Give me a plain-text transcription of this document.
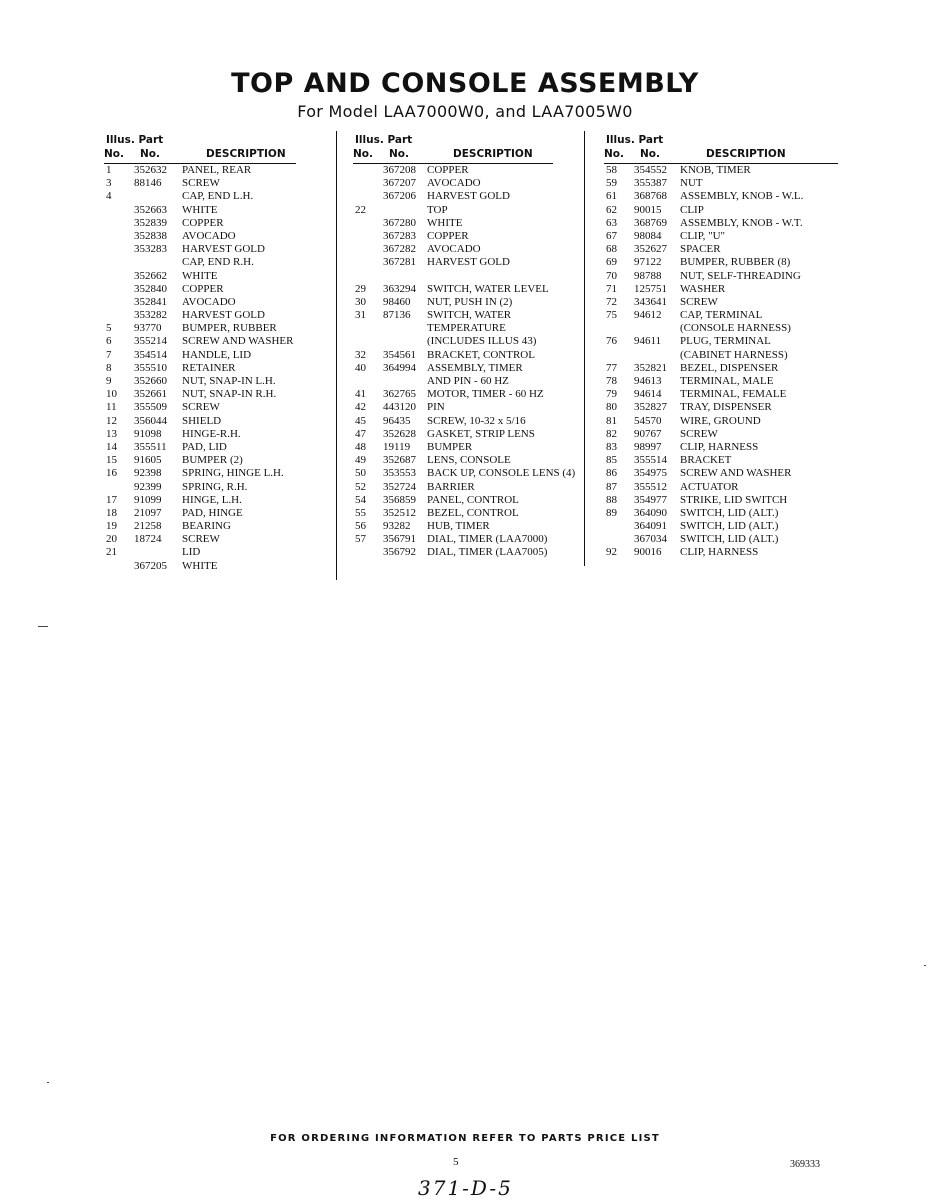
TOP AND CONSOLE ASSEMBLY
For Model LAA7000W0, and LAA7005W0
Illus. Part
No. No.	DESCRIPTION
1 352632 PANEL, REAR
3 88146 SCREW
4	CAP, END L.H.
352663 WHITE
352839 COPPER
352838 AVOCADO
353283 HARVEST GOLD
CAP, END R.H.
352662 WHITE
352840 COPPER
352841 AVOCADO
353282 HARVEST GOLD
5 93770 BUMPER, RUBBER
6 355214 SCREW AND WASHER
7 354514 HANDLE, LID
8 355510 RETAINER
9 352660 NUT, SNAP-IN L.H.
10 352661 NUT, SNAP-IN R.H.
11 355509 SCREW
12 356044 SHIELD
13 91098 HINGE-R.H.
14 355511 PAD, LID
15 91605 BUMPER (2)
16 92398 SPRING, HINGE L.H.
92399 SPRING, R.H.
17 91099 HINGE, L.H.
18 21097 PAD, HINGE
19 21258 BEARING
20 18724 SCREW
21	LID
367205 WHITE
Illus. Part
No. No.	DESCRIPTION
367208 COPPER
367207 AVOCADO
367206 HARVEST GOLD
22	TOP
367280 WHITE
367283 COPPER
367282 AVOCADO
367281 HARVEST GOLD
29 363294 SWITCH, WATER LEVEL
30 98460 NUT, PUSH IN (2)
31 87136 SWITCH, WATER
TEMPERATURE
(INCLUDES ILLUS 43)
32 354561 BRACKET, CONTROL
40 364994 ASSEMBLY, TIMER
AND PIN - 60 HZ
41 362765 MOTOR, TIMER - 60 HZ
42 443120 PIN
45 96435 SCREW, 10-32 x 5/16
47 352628 GASKET, STRIP LENS
48 19119 BUMPER
49 352687 LENS, CONSOLE
50 353553 BACK UP, CONSOLE LENS (4)
52 352724 BARRIER
54 356859 PANEL, CONTROL
55 352512 BEZEL, CONTROL
56 93282 HUB, TIMER
57 356791 DIAL, TIMER (LAA7000)
356792 DIAL, TIMER (LAA7005)
Illus. Part
No. No.	DESCRIPTION
58 354552 KNOB, TIMER
59 355387 NUT
61 368768 ASSEMBLY, KNOB - W.L.
62 90015 CLIP
63 368769 ASSEMBLY, KNOB - W.T.
67 98084 CLIP, "U"
68 352627 SPACER
69 97122 BUMPER, RUBBER (8)
70 98788 NUT, SELF-THREADING
71 125751 WASHER
72 343641 SCREW
75 94612 CAP, TERMINAL
(CONSOLE HARNESS)
76 94611 PLUG, TERMINAL
(CABINET HARNESS)
77 352821 BEZEL, DISPENSER
78 94613 TERMINAL, MALE
79 94614 TERMINAL, FEMALE
80 352827 TRAY, DISPENSER
81 54570 WIRE, GROUND
82 90767 SCREW
83 98997 CLIP, HARNESS
85 355514 BRACKET
86 354975 SCREW AND WASHER
87 355512 ACTUATOR
88 354977 STRIKE, LID SWITCH
89 364090 SWITCH, LID (ALT.)
364091 SWITCH, LID (ALT.)
367034 SWITCH, LID (ALT.)
92 90016 CLIP, HARNESS
FOR ORDERING INFORMATION REFER TO PARTS PRICE LIST
5	369333
371-D-5
